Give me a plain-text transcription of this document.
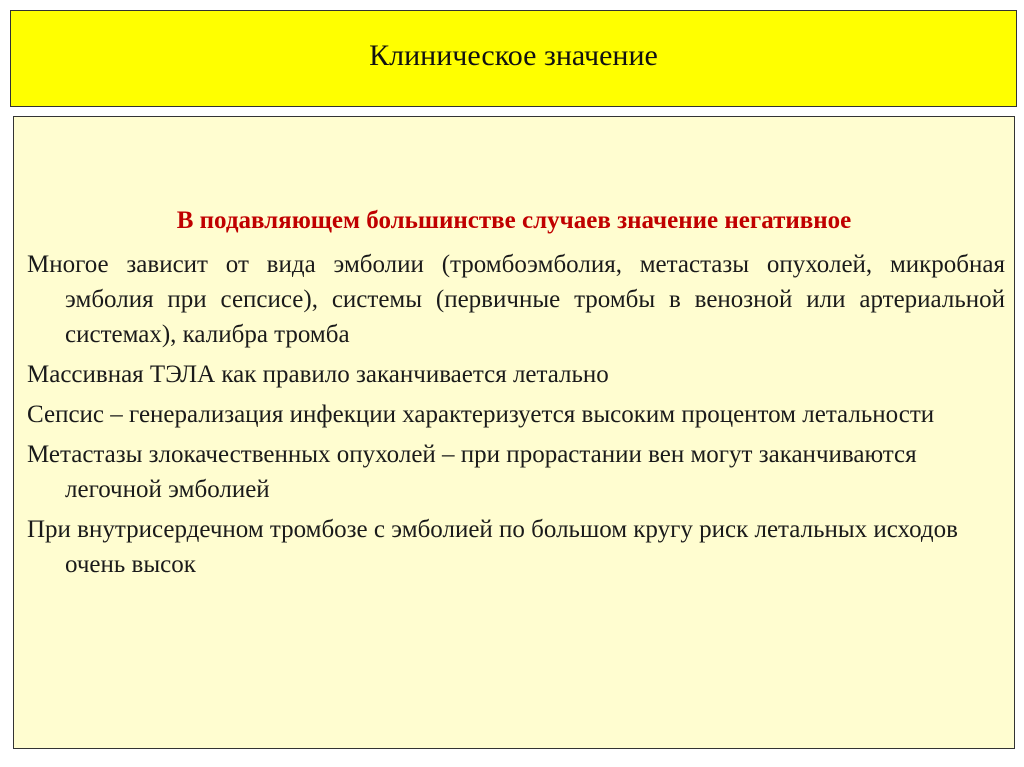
Клиническое значение
В подавляющем большинстве случаев значение негативное
Многое зависит от вида эмболии (тромбоэмболия, метастазы опухолей, микробная эмболия при сепсисе), системы (первичные тромбы в венозной или артериальной системах), калибра тромба
Массивная ТЭЛА как правило заканчивается летально
Сепсис – генерализация инфекции характеризуется высоким процентом летальности
Метастазы злокачественных опухолей – при прорастании вен могут заканчиваются легочной эмболией
При внутрисердечном тромбозе с эмболией по большом кругу риск летальных исходов очень высок
